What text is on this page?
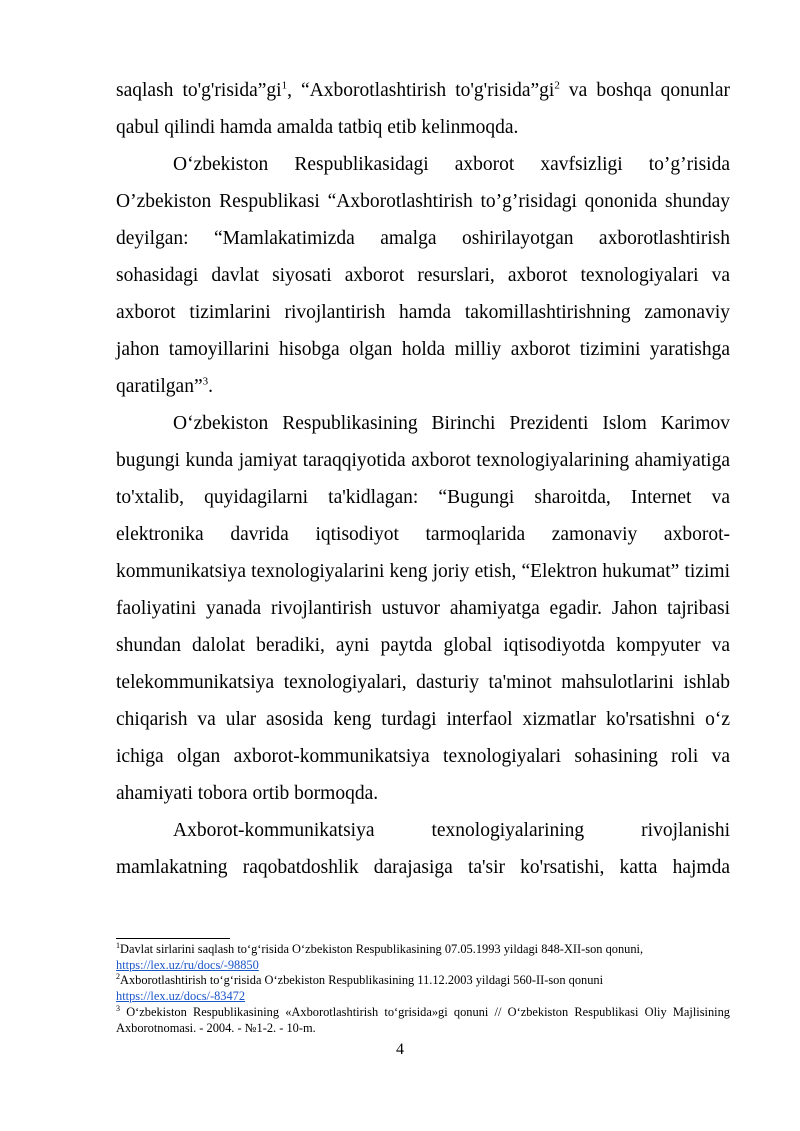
saqlash $to'g'risida”gi^1$, “Axborotlashtirish $to'g'risida”gi^2$ va boshqa qonunlar qabul qilindi hamda amalda tatbiq etib kelinmoqda.

O‘zbekiston Respublikasidagi axborot xavfsizligi to’g’risida O’zbekiston Respublikasi “Axborotlashtirish to’g’risidagi qononida shunday deyilgan: “Mamlakatimizda amalga oshirilayotgan axborotlashtirish sohasidagi davlat siyosati axborot resurslari, axborot texnologiyalari va axborot tizimlarini rivojlantirish hamda takomillashtirishning zamonaviy jahon tamoyillarini hisobga olgan holda milliy axborot tizimini yaratishga qaratilgan”$^3$.

O‘zbekiston Respublikasining Birinchi Prezidenti Islom Karimov bugungi kunda jamiyat taraqqiyotida axborot texnologiyalarining ahamiyatiga to'xtalib, quyidagilarni ta'kidlagan: “Bugungi sharoitda, Internet va elektronika davrida iqtisodiyot tarmoqlarida zamonaviy axborot-kommunikatsiya texnologiyalarini keng joriy etish, “Elektron hukumat” tizimi faoliyatini yanada rivojlantirish ustuvor ahamiyatga egadir. Jahon tajribasi shundan dalolat beradiki, ayni paytda global iqtisodiyotda kompyuter va telekommunikatsiya texnologiyalari, dasturiy ta'minot mahsulotlarini ishlab chiqarish va ular asosida keng turdagi interfaol xizmatlar ko'rsatishni o‘z ichiga olgan axborot-kommunikatsiya texnologiyalari sohasining roli va ahamiyati tobora ortib bormoqda.

Axborot-kommunikatsiya texnologiyalarining rivojlanishi mamlakatning raqobatdoshlik darajasiga ta'sir ko'rsatishi, katta hajmda

$^1$Davlat sirlarini saqlash to‘g‘risida O‘zbekiston Respublikasining 07.05.1993 yildagi 848-XII-son qonuni,
https://lex.uz/ru/docs/-98850

$^2$Axborotlashtirish to‘g‘risida O‘zbekiston Respublikasining 11.12.2003 yildagi 560-II-son qonuni
https://lex.uz/docs/-83472

$^3$ O‘zbekiston Respublikasining «Axborotlashtirish to‘grisida»gi qonuni // O‘zbekiston Respublikasi Oliy Majlisining Axborotnomasi. - 2004. - №1-2. - 10-m.

4
